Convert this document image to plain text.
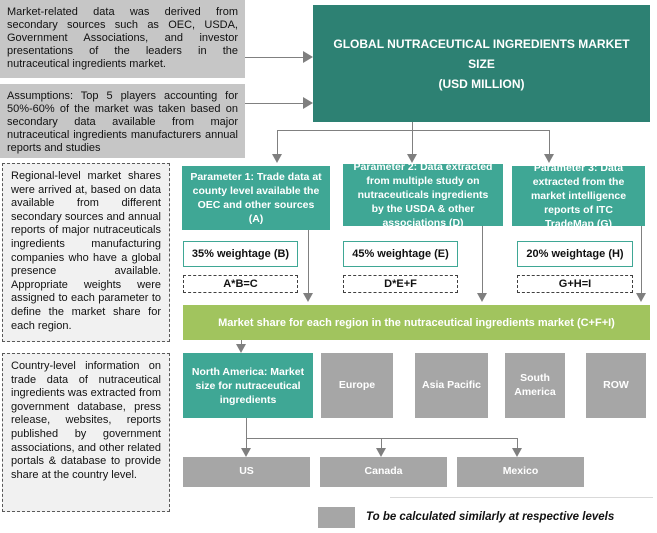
Market-related data was derived from secondary sources such as OEC, USDA, Government Associations, and investor presentations of the leaders in the nutraceutical ingredients market.
Assumptions: Top 5 players accounting for 50%-60% of the market was taken based on secondary data available from major nutraceutical ingredients manufacturers annual reports and studies
Regional-level market shares were arrived at, based on data available from different secondary sources and annual reports of major nutraceuticals ingredients manufacturing companies who have a global presence available. Appropriate weights were assigned to each parameter to define the market share for each region.
Country-level information on trade data of nutraceutical ingredients was extracted from government database, press release, websites, reports published by government associations, and other related portals & database to provide share at the country level.
GLOBAL NUTRACEUTICAL INGREDIENTS MARKET SIZE
(USD MILLION)
Parameter 1: Trade data at county level available the OEC and other sources (A)
Parameter 2: Data extracted from multiple study on nutraceuticals ingredients by the USDA & other associations (D)
Parameter 3: Data extracted from the market intelligence reports of ITC TradeMap (G)
35% weightage (B)	45% weightage (E)	20% weightage (H)
A*B=C	D*E+F	G+H=I
Market share for each region in the nutraceutical ingredients market (C+F+I)
North America: Market size for nutraceutical ingredients
Europe	Asia Pacific
South America
ROW
US	Canada	Mexico
To be calculated similarly at respective levels
